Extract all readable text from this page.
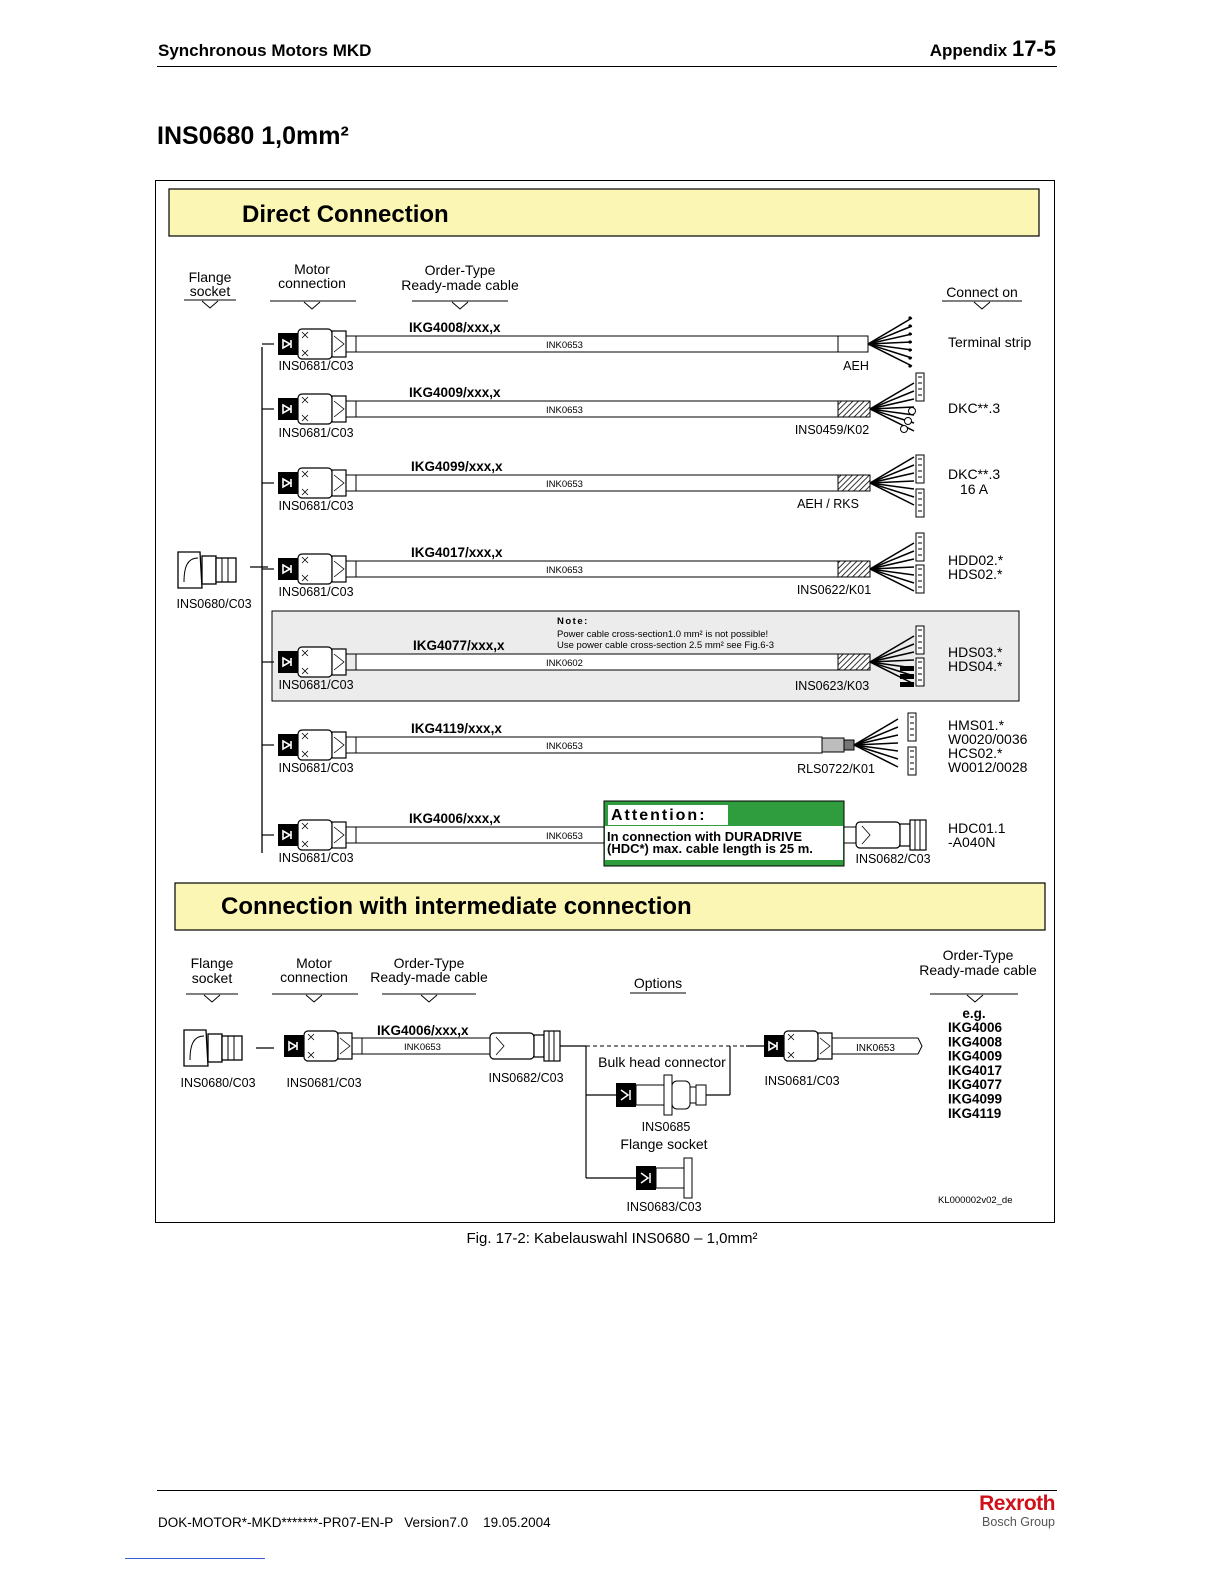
Synchronous Motors MKD	Appendix 17-5
INS0680 1,0mm²
Direct Connection
Flange
socket
Motor
connection
Order-Type
Ready-made cable	Connect on
INS0680/C03
Note:
Power cable cross-section1.0 mm² is not possible!
Use power cable cross-section 2.5 mm² see Fig.6-3
INS0681/C03
IKG4008/xxx,x
INK0653
AEH
Terminal strip
INS0681/C03
IKG4009/xxx,x
INK0653
INS0459/K02
DKC**.3
INS0681/C03
IKG4099/xxx,x
INK0653
AEH / RKS
DKC**.3
16 A
INS0681/C03
IKG4017/xxx,x
INK0653
INS0622/K01
HDD02.*
HDS02.*
INS0681/C03
IKG4077/xxx,x
INK0602
INS0623/K03
HDS03.*
HDS04.*
INS0681/C03
IKG4119/xxx,x
INK0653
RLS0722/K01
HMS01.*
W0020/0036
HCS02.*
W0012/0028
INS0681/C03
IKG4006/xxx,x
INK0653
INS0682/C03
HDC01.1
-A040N
Attention:
In connection with DURADRIVE
(HDC*) max. cable length is 25 m.
Connection with intermediate connection
Flange
socket
Motor
connection
Order-Type
Ready-made cable	Options
Order-Type
Ready-made cable
INS0680/C03 INS0681/C03
IKG4006/xxx,x
INK0653
INS0682/C03
Bulk head connector
INS0685
Flange socket
INS0683/C03
INS0681/C03
INK0653
e.g.
IKG4006
IKG4008
IKG4009
IKG4017
IKG4077
IKG4099
IKG4119
KL000002v02_de
Fig. 17-2: Kabelauswahl INS0680 – 1,0mm²
DOK-MOTOR*-MKD*******-PR07-EN-P   Version7.0    19.05.2004
Rexroth
Bosch Group
